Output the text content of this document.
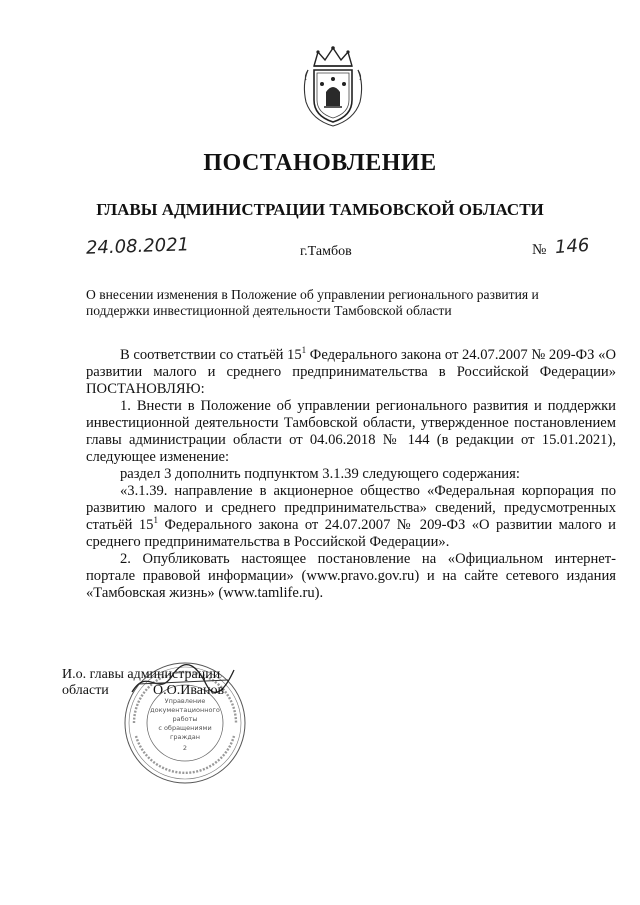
ПОСТАНОВЛЕНИЕ
ГЛАВЫ АДМИНИСТРАЦИИ ТАМБОВСКОЙ ОБЛАСТИ
24.08.2021	г.Тамбов	№ 146
О внесении изменения в Положение об управлении регионального развития и
поддержки инвестиционной деятельности Тамбовской области

В соответствии со статьёй $15^1$ Федерального закона от 24.07.2007 № 209-ФЗ «О развитии малого и среднего предпринимательства в Российской Федерации» ПОСТАНОВЛЯЮ:

1. Внести в Положение об управлении регионального развития и поддержки инвестиционной деятельности Тамбовской области, утвержденное постановлением главы администрации области от 04.06.2018 № 144 (в редакции от 15.01.2021), следующее изменение:

раздел 3 дополнить подпунктом 3.1.39 следующего содержания:

«3.1.39. направление в акционерное общество «Федеральная корпорация по развитию малого и среднего предпринимательства» сведений, предусмотренных статьёй $15^1$ Федерального закона от 24.07.2007 № 209-ФЗ «О развитии малого и среднего предпринимательства в Российской Федерации».

2. Опубликовать настоящее постановление на «Официальном интернет-портале правовой информации» (www.pravo.gov.ru) и на сайте сетевого издания «Тамбовская жизнь» (www.tamlife.ru).

Управление
документационного
работы
с обращениями
граждан
2
И.о. главы администрации
области	О.О.Иванов
